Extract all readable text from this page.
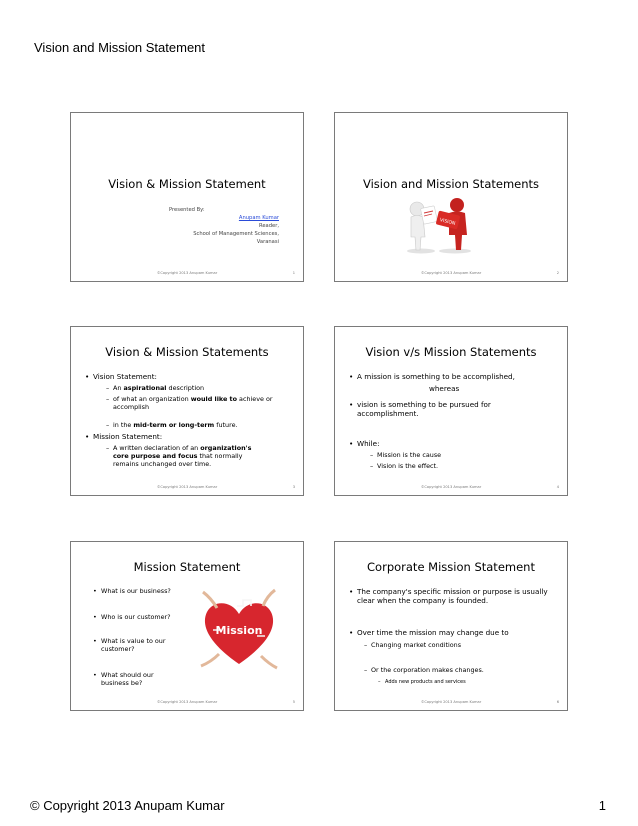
Vision and Mission Statement
Vision & Mission Statement
Presented By:
Anupam Kumar
Reader,
School of Management Sciences,
Varanasi
©Copyright 2013 Anupam Kumar	1
Vision and Mission Statements
VISION
©Copyright 2013 Anupam Kumar	2
Vision & Mission Statements
• Vision Statement:
– An aspirational description
– of what an organization would like to achieve or accomplish
– in the mid-term or long-term future.
• Mission Statement:
– A written declaration of an organization's core purpose and focus that normally remains unchanged over time.
©Copyright 2013 Anupam Kumar	3
Vision v/s Mission Statements
• A mission is something to be accomplished,
whereas
• vision is something to be pursued for accomplishment.
• While:
– Mission is the cause
– Vision is the effect.
©Copyright 2013 Anupam Kumar	4
Mission Statement
• What is our business?
• Who is our customer?
• What is value to our customer?
• What should our business be?
Mission
©Copyright 2013 Anupam Kumar	5
Corporate Mission Statement
• The company's specific mission or purpose is usually clear when the company is founded.
• Over time the mission may change due to
– Changing market conditions
– Or the corporation makes changes.
– Adds new products and services
©Copyright 2013 Anupam Kumar	6
© Copyright 2013 Anupam Kumar	1
